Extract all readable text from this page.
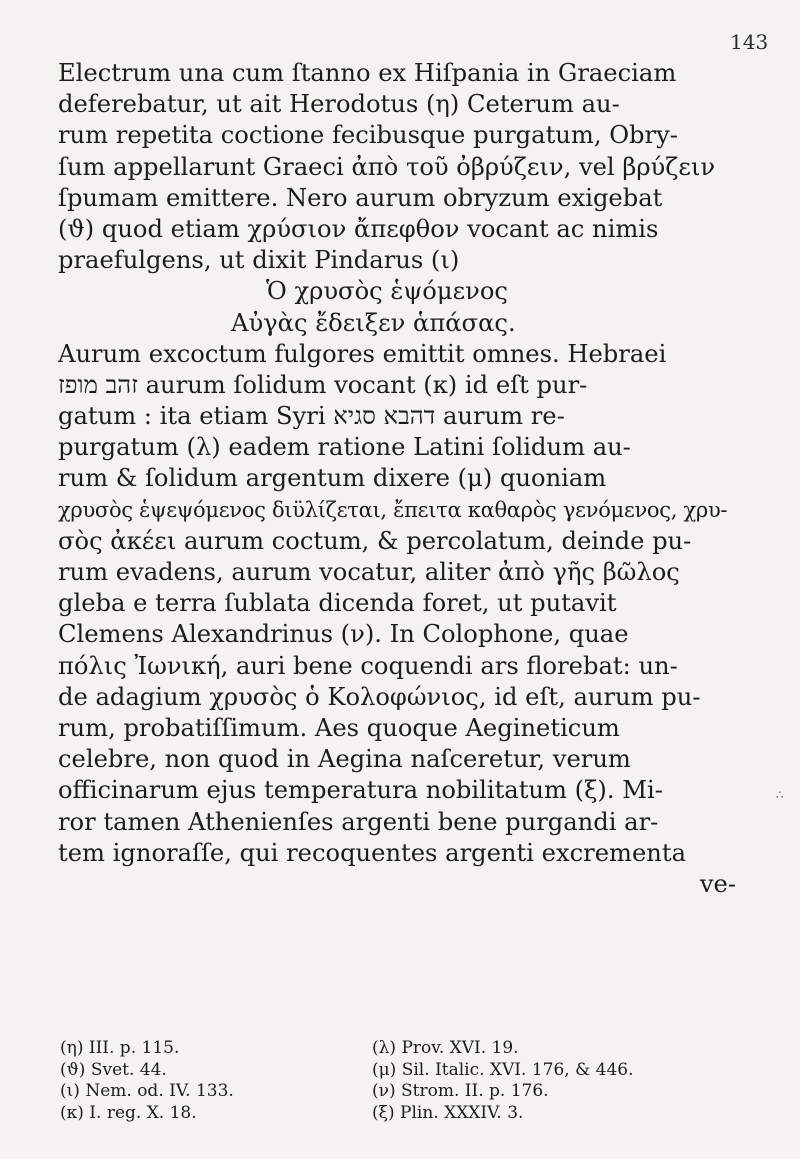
143
Electrum una cum ſtanno ex Hiſpania in Graeciam
deferebatur, ut ait Herodotus (η) Ceterum au-
rum repetita coctione fecibusque purgatum, Obry-
ſum appellarunt Graeci ἀπὸ τοῦ ὀβρύζειν, vel βρύζειν
ſpumam emittere. Nero aurum obryzum exigebat
(ϑ) quod etiam χρύσιον ἄπεφθον vocant ac nimis
praefulgens, ut dixit Pindarus (ι)
Ὁ χρυσὸς ἑψόμενος
Αὐγὰς ἔδειξεν ἁπάσας.
Aurum excoctum fulgores emittit omnes. Hebraei
זהב מופז aurum ſolidum vocant (κ) id eſt pur-
gatum : ita etiam Syri דהבא סגיא aurum re-
purgatum (λ) eadem ratione Latini ſolidum au-
rum & ſolidum argentum dixere (μ) quoniam
χρυσὸς ἑψεψόμενος διϋλίζεται, ἔπειτα καθαρὸς γενόμενος, χρυ-
σὸς ἀκέει aurum coctum, & percolatum, deinde pu-
rum evadens, aurum vocatur, aliter ἀπὸ γῆς βῶλος
gleba e terra ſublata dicenda foret, ut putavit
Clemens Alexandrinus (ν). In Colophone, quae
πόλις Ἰωνική, auri bene coquendi ars florebat: un-
de adagium χρυσὸς ὁ Κολοφώνιος, id eſt, aurum pu-
rum, probatiſſimum. Aes quoque Aegineticum
celebre, non quod in Aegina naſceretur, verum
officinarum ejus temperatura nobilitatum (ξ). Mi-
ror tamen Athenienſes argenti bene purgandi ar-
tem ignoraſſe, qui recoquentes argenti excrementa
ve-
(η) III. p. 115.
(ϑ) Svet. 44.
(ι) Nem. od. IV. 133.
(κ) I. reg. X. 18.
(λ) Prov. XVI. 19.
(μ) Sil. Italic. XVI. 176, & 446.
(ν) Strom. II. p. 176.
(ξ) Plin. XXXIV. 3.
∴
